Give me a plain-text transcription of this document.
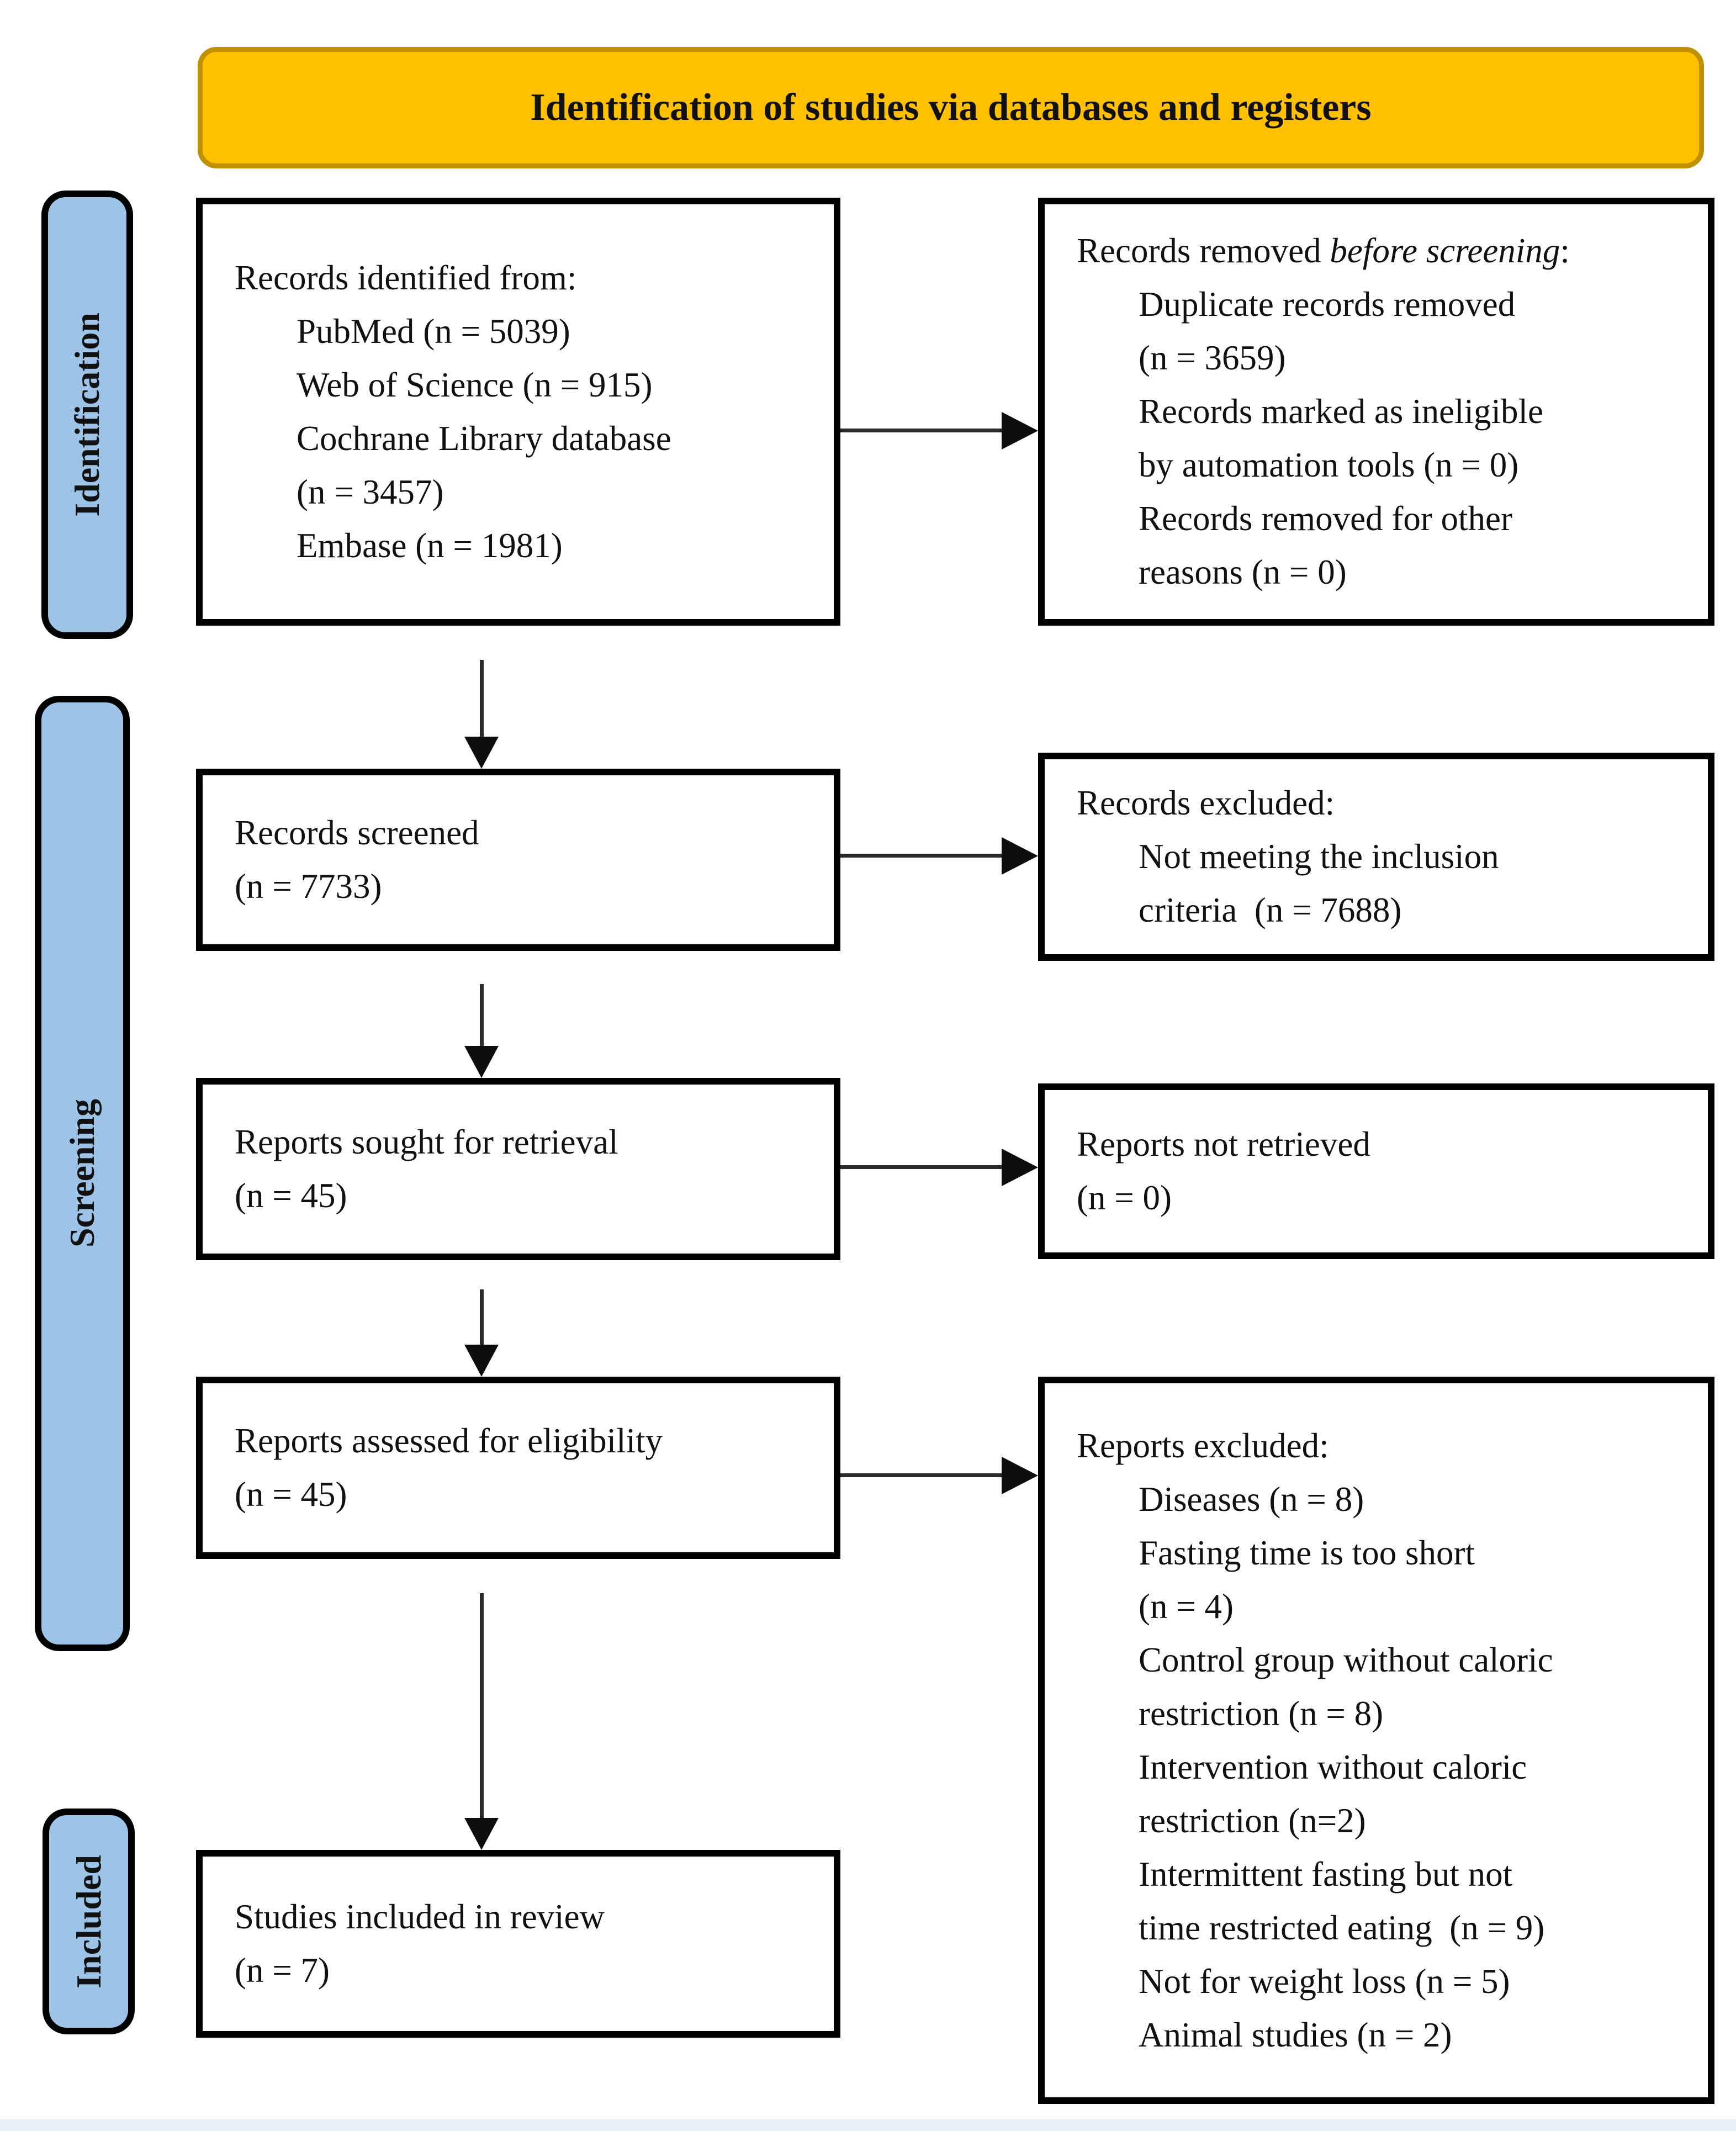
Identification of studies via databases and registers
Identification
Screening
Included
Records identified from:
PubMed (n = 5039)
Web of Science (n = 915)
Cochrane Library database
(n = 3457)
Embase (n = 1981)
Records removed before screening:
Duplicate records removed
(n = 3659)
Records marked as ineligible
by automation tools (n = 0)
Records removed for other
reasons (n = 0)
Records screened
(n = 7733)
Records excluded:
Not meeting the inclusion
criteria  (n = 7688)
Reports sought for retrieval
(n = 45)
Reports not retrieved
(n = 0)
Reports assessed for eligibility
(n = 45)
Reports excluded:
Diseases (n = 8)
Fasting time is too short
(n = 4)
Control group without caloric
restriction (n = 8)
Intervention without caloric
restriction (n=2)
Intermittent fasting but not
time restricted eating  (n = 9)
Not for weight loss (n = 5)
Animal studies (n = 2)
Studies included in review
(n = 7)
